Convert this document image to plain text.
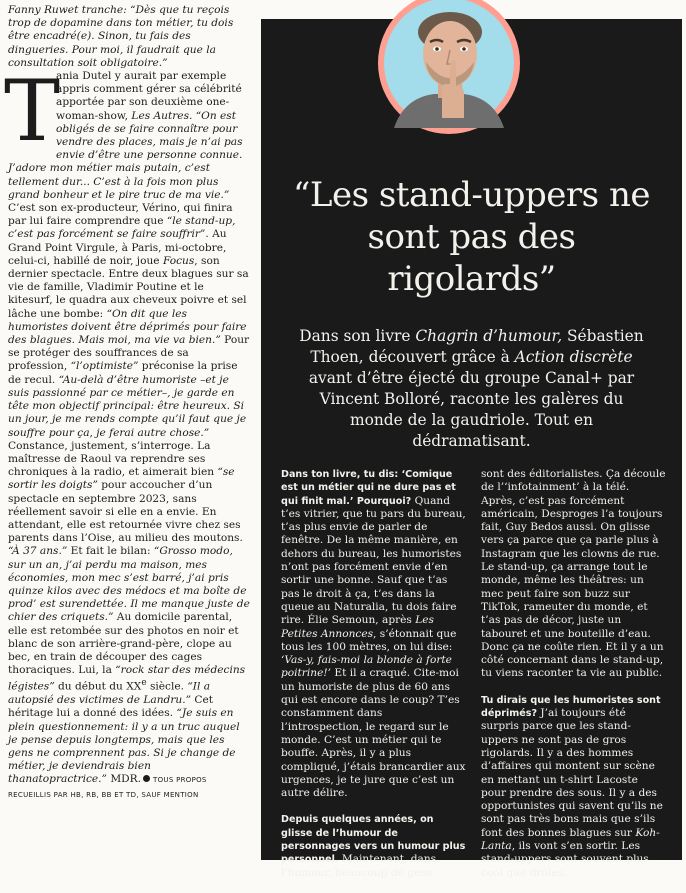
Fanny Ruwet tranche: “Dès que tu reçois trop de dopamine dans ton métier, tu dois être encadré(e). Sinon, tu fais des dingueries. Pour moi, il faudrait que la consultation soit obligatoire.”

T

ania Dutel y aurait par exemple appris comment gérer sa célébrité apportée par son deuxième one-woman-show, Les Autres. “On est obligés de se faire connaître pour vendre des places, mais je n’ai pas envie d’être une personne connue. J’adore mon métier mais putain, c’est tellement dur... C’est à la fois mon plus grand bonheur et le pire truc de ma vie.” C’est son ex-producteur, Vérino, qui finira par lui faire comprendre que “le stand-up, c’est pas forcément se faire souffrir”. Au Grand Point Virgule, à Paris, mi-octobre, celui-ci, habillé de noir, joue Focus, son dernier spectacle. Entre deux blagues sur sa vie de famille, Vladimir Poutine et le kitesurf, le quadra aux cheveux poivre et sel lâche une bombe: “On dit que les humoristes doivent être déprimés pour faire des blagues. Mais moi, ma vie va bien.” Pour se protéger des souffrances de sa profession, “l’optimiste” préconise la prise de recul. “Au-delà d’être humoriste –et je suis passionné par ce métier–, je garde en tête mon objectif principal: être heureux. Si un jour, je me rends compte qu’il faut que je souffre pour ça, je ferai autre chose.”

Constance, justement, s’interroge. La maîtresse de Raoul va reprendre ses chroniques à la radio, et aimerait bien “se sortir les doigts” pour accoucher d’un spectacle en septembre 2023, sans réellement savoir si elle en a envie. En attendant, elle est retournée vivre chez ses parents dans l’Oise, au milieu des moutons. “À 37 ans.” Et fait le bilan: “Grosso modo, sur un an, j’ai perdu ma maison, mes économies, mon mec s’est barré, j’ai pris quinze kilos avec des médocs et ma boîte de prod’ est surendettée. Il me manque juste de chier des criquets.” Au domicile parental, elle est retombée sur des photos en noir et blanc de son arrière-grand-père, clope au bec, en train de découper des cages thoraciques. Lui, la “rock star des médecins légistes” du début du XXe siècle. “Il a autopsié des victimes de Landru.” Cet héritage lui a donné des idées. “Je suis en plein questionnement: il y a un truc auquel je pense depuis longtemps, mais que les gens ne comprennent pas. Si je change de métier, je deviendrais bien thanatopractrice.” MDR. TOUS PROPOS RECUEILLIS PAR HB, RB, BB ET TD, SAUF MENTION

“Les stand-uppers ne sont pas des rigolards”

Dans son livre Chagrin d’humour, Sébastien Thoen, découvert grâce à Action discrète avant d’être éjecté du groupe Canal+ par Vincent Bolloré, raconte les galères du monde de la gaudriole. Tout en dédramatisant.

Dans ton livre, tu dis: ‘Comique est un métier qui ne dure pas et qui finit mal.’ Pourquoi? Quand t’es vitrier, que tu pars du bureau, t’as plus envie de parler de fenêtre. De la même manière, en dehors du bureau, les humoristes n’ont pas forcément envie d’en sortir une bonne. Sauf que t’as pas le droit à ça, t’es dans la queue au Naturalia, tu dois faire rire. Élie Semoun, après Les Petites Annonces, s’étonnait que tous les 100 mètres, on lui dise: ‘Vas-y, fais-moi la blonde à forte poitrine!’ Et il a craqué. Cite-moi un humoriste de plus de 60 ans qui est encore dans le coup? T’es constamment dans l’introspection, le regard sur le monde. C’est un métier qui te bouffe. Après, il y a plus compliqué, j’étais brancardier aux urgences, je te jure que c’est un autre délire.

Depuis quelques années, on glisse de l’humour de personnages vers un humour plus personnel. Maintenant, dans l’humour, beaucoup de gens

sont des éditorialistes. Ça découle de l’‘infotainment’ à la télé. Après, c’est pas forcément américain, Desproges l’a toujours fait, Guy Bedos aussi. On glisse vers ça parce que ça parle plus à Instagram que les clowns de rue. Le stand-up, ça arrange tout le monde, même les théâtres: un mec peut faire son buzz sur TikTok, rameuter du monde, et t’as pas de décor, juste un tabouret et une bouteille d’eau. Donc ça ne coûte rien. Et il y a un côté concernant dans le stand-up, tu viens raconter ta vie au public.

Tu dirais que les humoristes sont déprimés? J’ai toujours été surpris parce que les stand-uppers ne sont pas de gros rigolards. Il y a des hommes d’affaires qui montent sur scène en mettant un t-shirt Lacoste pour prendre des sous. Il y a des opportunistes qui savent qu’ils ne sont pas très bons mais que s’ils font des bonnes blagues sur Koh-Lanta, ils vont s’en sortir. Les stand-uppers sont souvent plus cool que drôles.
